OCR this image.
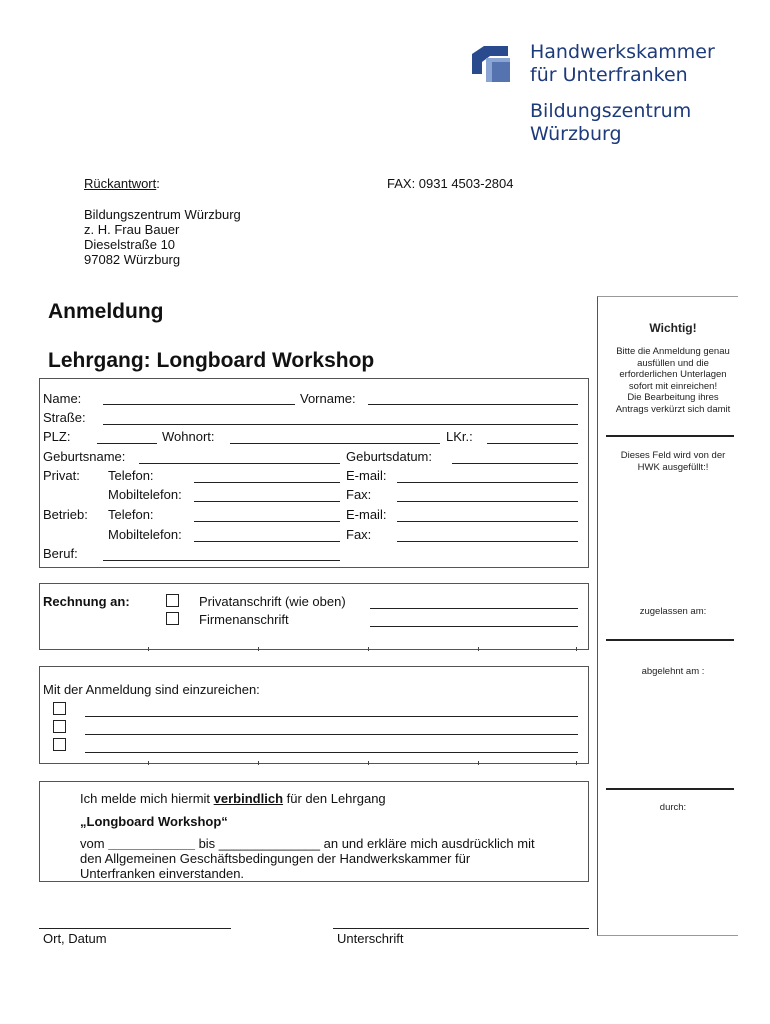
Handwerkskammer
für Unterfranken
Bildungszentrum
Würzburg
Rückantwort:	FAX: 0931 4503-2804
Bildungszentrum Würzburg
z. H. Frau Bauer
Dieselstraße 10
97082 Würzburg
Anmeldung
Lehrgang: Longboard Workshop
Name:	Vorname:
Straße:
PLZ:	Wohnort:	LKr.:
Geburtsname:	Geburtsdatum:
Privat: Telefon:	E-mail:
Mobiltelefon:	Fax:
Betrieb: Telefon:	E-mail:
Mobiltelefon:	Fax:
Beruf:
Rechnung an:	Privatanschrift (wie oben)
Firmenanschrift
Mit der Anmeldung sind einzureichen:
Ich melde mich hiermit verbindlich für den Lehrgang
„Longboard Workshop“
vom ____________ bis ______________ an und erkläre mich ausdrücklich mit
den Allgemeinen Geschäftsbedingungen der Handwerkskammer für
Unterfranken einverstanden.
Ort, Datum	Unterschrift
Wichtig!
Bitte die Anmeldung genau
ausfüllen und die
erforderlichen Unterlagen
sofort mit einreichen!
Die Bearbeitung ihres
Antrags verkürzt sich damit
Dieses Feld wird von der
HWK ausgefüllt:!
zugelassen am:
abgelehnt am :
durch:
